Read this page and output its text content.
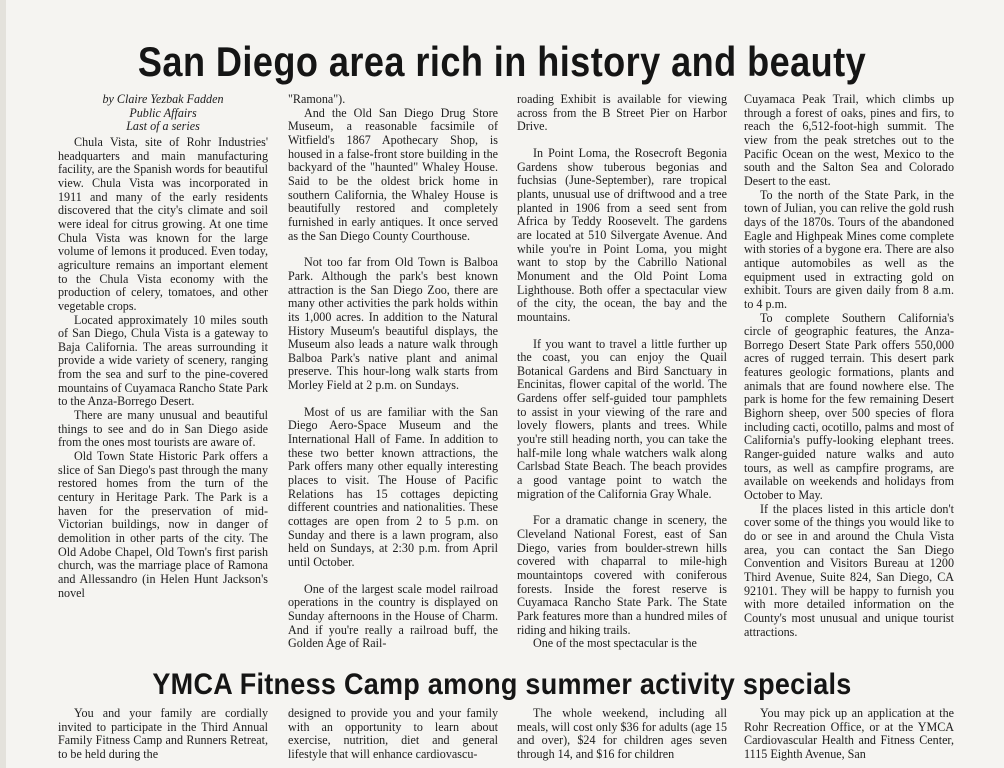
San Diego area rich in history and beauty
by Claire Yezbak Fadden
Public Affairs
Last of a series

Chula Vista, site of Rohr Industries' headquarters and main manufacturing facility, are the Spanish words for beautiful view. Chula Vista was incorporated in 1911 and many of the early residents discovered that the city's climate and soil were ideal for citrus growing. At one time Chula Vista was known for the large volume of lemons it produced. Even today, agriculture remains an important element to the Chula Vista economy with the production of celery, tomatoes, and other vegetable crops.

Located approximately 10 miles south of San Diego, Chula Vista is a gateway to Baja California. The areas surrounding it provide a wide variety of scenery, ranging from the sea and surf to the pine-covered mountains of Cuyamaca Rancho State Park to the Anza-Borrego Desert.

There are many unusual and beautiful things to see and do in San Diego aside from the ones most tourists are aware of.

Old Town State Historic Park offers a slice of San Diego's past through the many restored homes from the turn of the century in Heritage Park. The Park is a haven for the preservation of mid-Victorian buildings, now in danger of demolition in other parts of the city. The Old Adobe Chapel, Old Town's first parish church, was the marriage place of Ramona and Allessandro (in Helen Hunt Jackson's novel

"Ramona").

And the Old San Diego Drug Store Museum, a reasonable facsimile of Witfield's 1867 Apothecary Shop, is housed in a false-front store building in the backyard of the "haunted" Whaley House. Said to be the oldest brick home in southern California, the Whaley House is beautifully restored and completely furnished in early antiques. It once served as the San Diego County Courthouse.

Not too far from Old Town is Balboa Park. Although the park's best known attraction is the San Diego Zoo, there are many other activities the park holds within its 1,000 acres. In addition to the Natural History Museum's beautiful displays, the Museum also leads a nature walk through Balboa Park's native plant and animal preserve. This hour-long walk starts from Morley Field at 2 p.m. on Sundays.

Most of us are familiar with the San Diego Aero-Space Museum and the International Hall of Fame. In addition to these two better known attractions, the Park offers many other equally interesting places to visit. The House of Pacific Relations has 15 cottages depicting different countries and nationalities. These cottages are open from 2 to 5 p.m. on Sunday and there is a lawn program, also held on Sundays, at 2:30 p.m. from April until October.

One of the largest scale model railroad operations in the country is displayed on Sunday afternoons in the House of Charm. And if you're really a railroad buff, the Golden Age of Rail-

roading Exhibit is available for viewing across from the B Street Pier on Harbor Drive.

In Point Loma, the Rosecroft Begonia Gardens show tuberous begonias and fuchsias (June-September), rare tropical plants, unusual use of driftwood and a tree planted in 1906 from a seed sent from Africa by Teddy Roosevelt. The gardens are located at 510 Silvergate Avenue. And while you're in Point Loma, you might want to stop by the Cabrillo National Monument and the Old Point Loma Lighthouse. Both offer a spectacular view of the city, the ocean, the bay and the mountains.

If you want to travel a little further up the coast, you can enjoy the Quail Botanical Gardens and Bird Sanctuary in Encinitas, flower capital of the world. The Gardens offer self-guided tour pamphlets to assist in your viewing of the rare and lovely flowers, plants and trees. While you're still heading north, you can take the half-mile long whale watchers walk along Carlsbad State Beach. The beach provides a good vantage point to watch the migration of the California Gray Whale.

For a dramatic change in scenery, the Cleveland National Forest, east of San Diego, varies from boulder-strewn hills covered with chaparral to mile-high mountaintops covered with coniferous forests. Inside the forest reserve is Cuyamaca Rancho State Park. The State Park features more than a hundred miles of riding and hiking trails.

One of the most spectacular is the

Cuyamaca Peak Trail, which climbs up through a forest of oaks, pines and firs, to reach the 6,512-foot-high summit. The view from the peak stretches out to the Pacific Ocean on the west, Mexico to the south and the Salton Sea and Colorado Desert to the east.

To the north of the State Park, in the town of Julian, you can relive the gold rush days of the 1870s. Tours of the abandoned Eagle and Highpeak Mines come complete with stories of a bygone era. There are also antique automobiles as well as the equipment used in extracting gold on exhibit. Tours are given daily from 8 a.m. to 4 p.m.

To complete Southern California's circle of geographic features, the Anza-Borrego Desert State Park offers 550,000 acres of rugged terrain. This desert park features geologic formations, plants and animals that are found nowhere else. The park is home for the few remaining Desert Bighorn sheep, over 500 species of flora including cacti, ocotillo, palms and most of California's puffy-looking elephant trees. Ranger-guided nature walks and auto tours, as well as campfire programs, are available on weekends and holidays from October to May.

If the places listed in this article don't cover some of the things you would like to do or see in and around the Chula Vista area, you can contact the San Diego Convention and Visitors Bureau at 1200 Third Avenue, Suite 824, San Diego, CA 92101. They will be happy to furnish you with more detailed information on the County's most unusual and unique tourist attractions.

YMCA Fitness Camp among summer activity specials

You and your family are cordially invited to participate in the Third Annual Family Fitness Camp and Runners Retreat, to be held during the

designed to provide you and your family with an opportunity to learn about exercise, nutrition, diet and general lifestyle that will enhance cardiovascu-

The whole weekend, including all meals, will cost only $36 for adults (age 15 and over), $24 for children ages seven through 14, and $16 for children

You may pick up an application at the Rohr Recreation Office, or at the YMCA Cardiovascular Health and Fitness Center, 1115 Eighth Avenue, San
